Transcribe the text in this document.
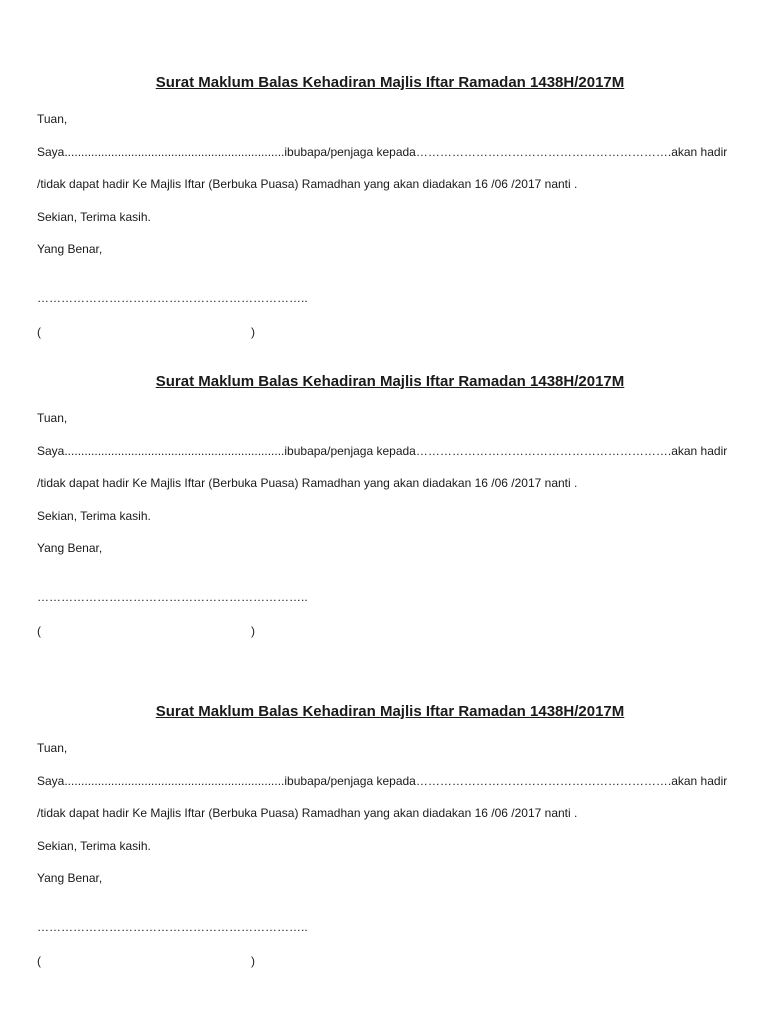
Surat Maklum Balas Kehadiran Majlis Iftar Ramadan 1438H/2017M
Tuan,
Saya..................................................................ibubapa/penjaga kepada ……………………………………………………….akan hadir
/tidak dapat hadir Ke Majlis Iftar (Berbuka Puasa) Ramadhan yang akan diadakan 16 /06 /2017 nanti .
Sekian, Terima kasih.
Yang Benar,
…………………………………………………………..
(	)
Surat Maklum Balas Kehadiran Majlis Iftar Ramadan 1438H/2017M
Tuan,
Saya..................................................................ibubapa/penjaga kepada ……………………………………………………….akan hadir
/tidak dapat hadir Ke Majlis Iftar (Berbuka Puasa) Ramadhan yang akan diadakan 16 /06 /2017 nanti .
Sekian, Terima kasih.
Yang Benar,
…………………………………………………………..
(	)
Surat Maklum Balas Kehadiran Majlis Iftar Ramadan 1438H/2017M
Tuan,
Saya..................................................................ibubapa/penjaga kepada ……………………………………………………….akan hadir
/tidak dapat hadir Ke Majlis Iftar (Berbuka Puasa) Ramadhan yang akan diadakan 16 /06 /2017 nanti .
Sekian, Terima kasih.
Yang Benar,
…………………………………………………………..
(	)
